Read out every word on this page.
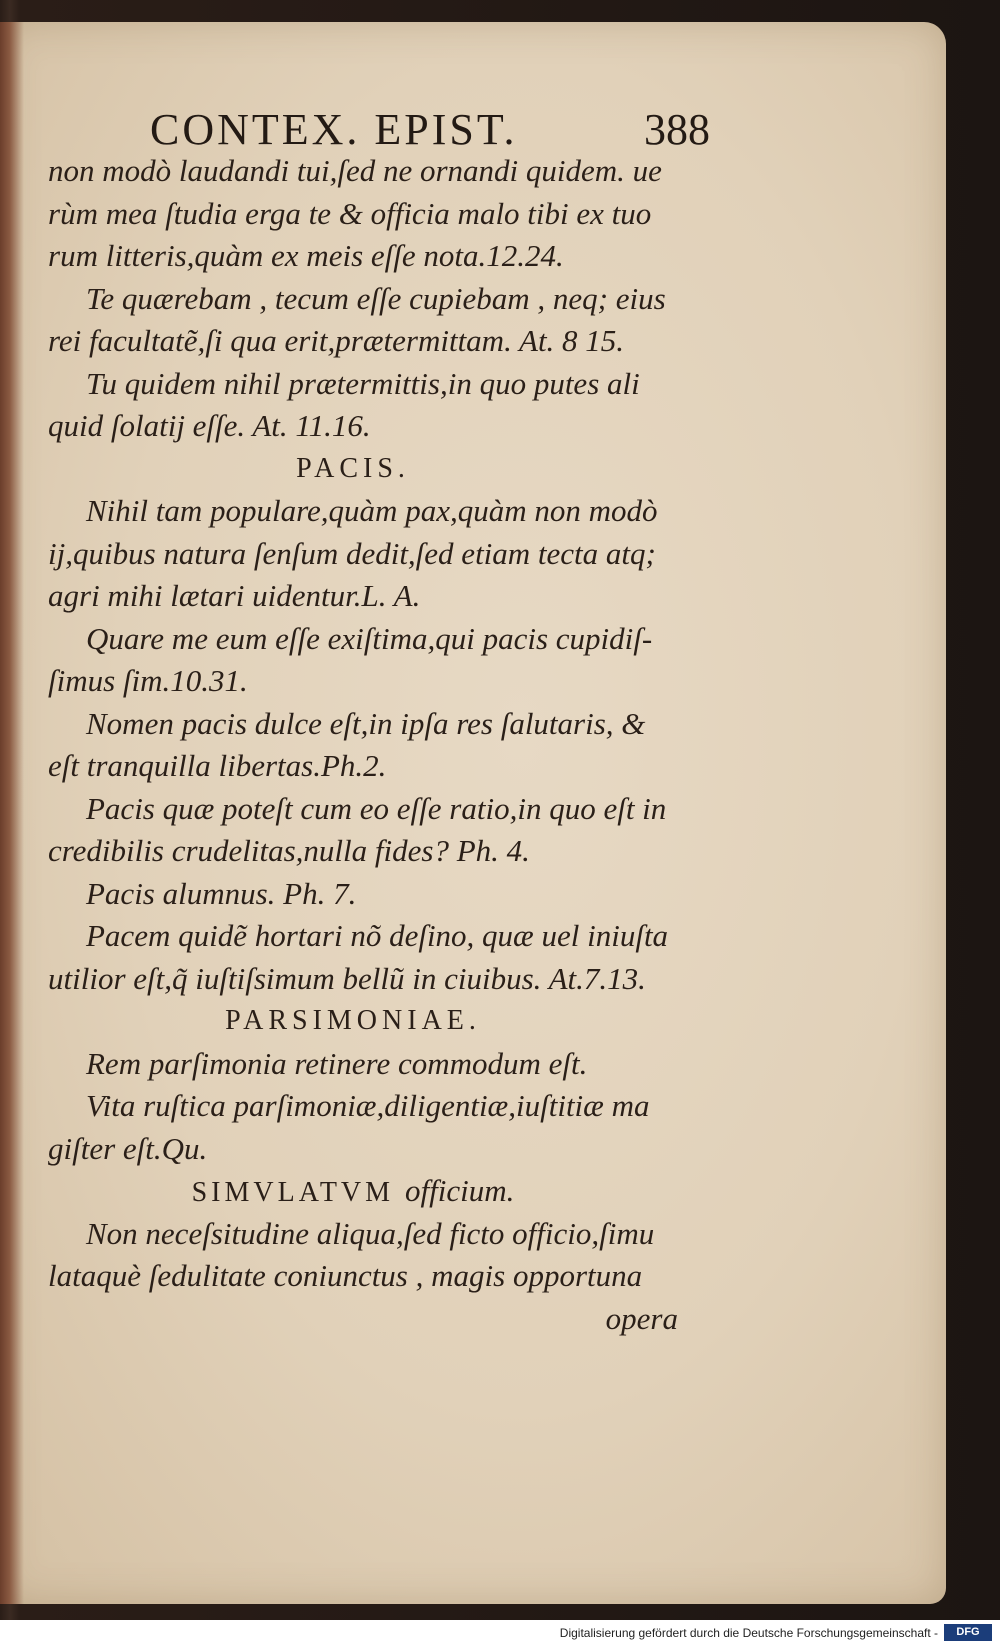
CONTEX. EPIST.	388
non modò laudandi tui,ſed ne ornandi quidem. ue
rùm mea ſtudia erga te & officia malo tibi ex tuo
rum litteris,quàm ex meis eſſe nota.12.24.
Te quærebam , tecum eſſe cupiebam , neq; eius
rei facultatẽ,ſi qua erit,prætermittam. At. 8 15.
Tu quidem nihil prætermittis,in quo putes ali
quid ſolatij eſſe. At. 11.16.
PACIS.
Nihil tam populare,quàm pax,quàm non modò
ij,quibus natura ſenſum dedit,ſed etiam tecta atq;
agri mihi lætari uidentur.L. A.
Quare me eum eſſe exiſtima,qui pacis cupidiſ-
ſimus ſim.10.31.
Nomen pacis dulce eſt,in ipſa res ſalutaris, &
eſt tranquilla libertas.Ph.2.
Pacis quæ poteſt cum eo eſſe ratio,in quo eſt in
credibilis crudelitas,nulla fides? Ph. 4.
Pacis alumnus. Ph. 7.
Pacem quidẽ hortari nõ deſino, quæ uel iniuſta
utilior eſt,q̃ iuſtiſsimum bellũ in ciuibus. At.7.13.
PARSIMONIAE.
Rem parſimonia retinere commodum eſt.
Vita ruſtica parſimoniæ,diligentiæ,iuſtitiæ ma
giſter eſt.Qu.
SIMVLATVM officium.
Non neceſsitudine aliqua,ſed ficto officio,ſimu
lataquè ſedulitate coniunctus , magis opportuna
opera
Digitalisierung gefördert durch die Deutsche Forschungsgemeinschaft -	DFG
